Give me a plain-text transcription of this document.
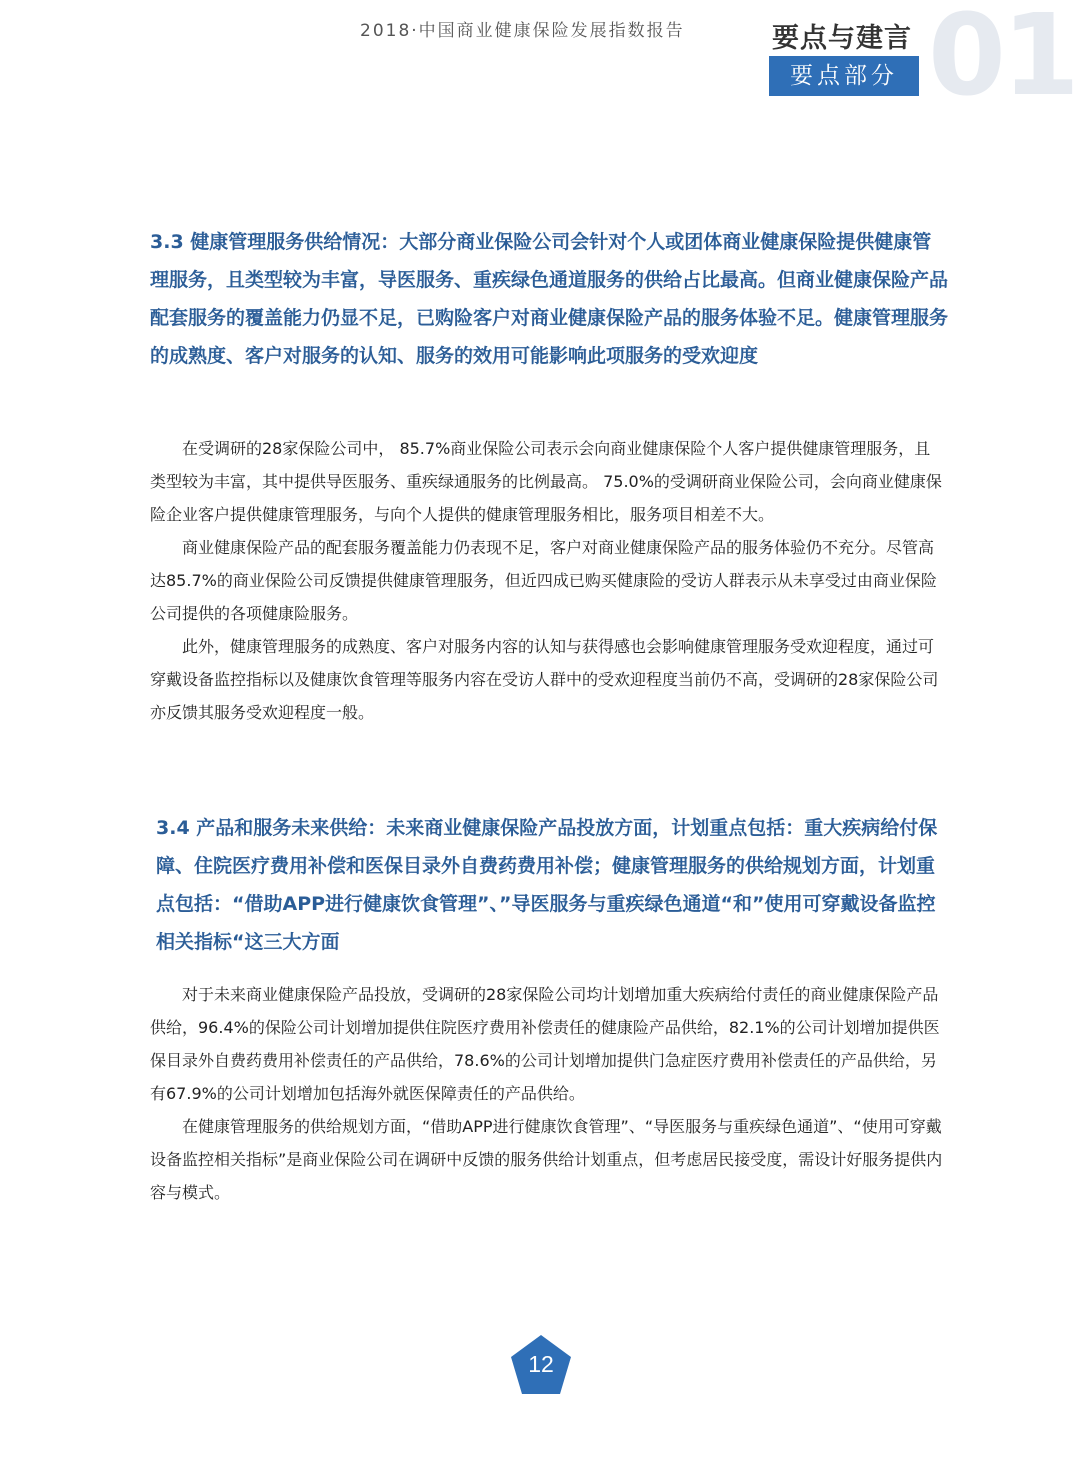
2018·中国商业健康保险发展指数报告 01
要点与建言
要点部分
3.3 健康管理服务供给情况：大部分商业保险公司会针对个人或团体商业健康保险提供健康管理服务，且类型较为丰富，导医服务、重疾绿色通道服务的供给占比最高。但商业健康保险产品配套服务的覆盖能力仍显不足，已购险客户对商业健康保险产品的服务体验不足。健康管理服务的成熟度、客户对服务的认知、服务的效用可能影响此项服务的受欢迎度

在受调研的28家保险公司中， 85.7%商业保险公司表示会向商业健康保险个人客户提供健康管理服务，且类型较为丰富，其中提供导医服务、重疾绿通服务的比例最高。 75.0%的受调研商业保险公司，会向商业健康保险企业客户提供健康管理服务，与向个人提供的健康管理服务相比，服务项目相差不大。

商业健康保险产品的配套服务覆盖能力仍表现不足，客户对商业健康保险产品的服务体验仍不充分。尽管高达85.7%的商业保险公司反馈提供健康管理服务，但近四成已购买健康险的受访人群表示从未享受过由商业保险公司提供的各项健康险服务。

此外，健康管理服务的成熟度、客户对服务内容的认知与获得感也会影响健康管理服务受欢迎程度，通过可穿戴设备监控指标以及健康饮食管理等服务内容在受访人群中的受欢迎程度当前仍不高，受调研的28家保险公司亦反馈其服务受欢迎程度一般。

3.4 产品和服务未来供给：未来商业健康保险产品投放方面，计划重点包括：重大疾病给付保障、住院医疗费用补偿和医保目录外自费药费用补偿；健康管理服务的供给规划方面，计划重点包括：“借助APP进行健康饮食管理”、”导医服务与重疾绿色通道“和”使用可穿戴设备监控相关指标“这三大方面

对于未来商业健康保险产品投放，受调研的28家保险公司均计划增加重大疾病给付责任的商业健康保险产品供给，96.4%的保险公司计划增加提供住院医疗费用补偿责任的健康险产品供给，82.1%的公司计划增加提供医保目录外自费药费用补偿责任的产品供给，78.6%的公司计划增加提供门急症医疗费用补偿责任的产品供给，另有67.9%的公司计划增加包括海外就医保障责任的产品供给。

在健康管理服务的供给规划方面，“借助APP进行健康饮食管理”、“导医服务与重疾绿色通道”、“使用可穿戴设备监控相关指标”是商业保险公司在调研中反馈的服务供给计划重点，但考虑居民接受度，需设计好服务提供内容与模式。

12
